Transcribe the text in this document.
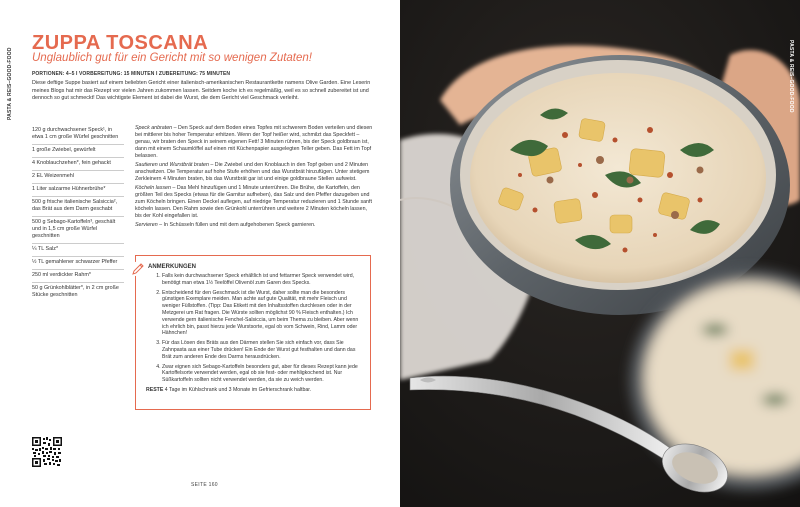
PASTA & REIS–GOOD-FOOD
ZUPPA TOSCANA
Unglaublich gut für ein Gericht mit so wenigen Zutaten!
PORTIONEN: 4–5 I VORBEREITUNG: 15 MINUTEN I ZUBEREITUNG: 75 MINUTEN
Diese deftige Suppe basiert auf einem beliebten Gericht einer italienisch-amerikanischen Restaurantkette namens Olive Garden. Eine Leserin meines Blogs hat mir das Rezept vor vielen Jahren zukommen lassen. Seitdem koche ich es regelmäßig, weil es so schnell zubereitet ist und dennoch so gut schmeckt! Das wichtigste Element ist dabei die Wurst, die dem Gericht viel Geschmack verleiht.
120 g durchwachsener Speck¹, in etwa 1 cm große Würfel geschnitten
1 große Zwiebel, gewürfelt
4 Knoblauchzehen*, fein gehackt
2 EL Weizenmehl
1 Liter salzarme Hühnerbrühe*
500 g frische italienische Salsiccia², das Brät aus dem Darm geschabt
500 g Sebago-Kartoffeln³, geschält und in 1,5 cm große Würfel geschnitten
¼ TL Salz*
½ TL gemahlener schwarzer Pfeffer
250 ml verdickter Rahm*
50 g Grünkohlblätter*, in 2 cm große Stücke geschnitten

Speck anbraten – Den Speck auf dem Boden eines Topfes mit schwerem Boden verteilen und diesen bei mittlerer bis hoher Temperatur erhitzen. Wenn der Topf heißer wird, schmilzt das Speckfett – genau, wir braten den Speck in seinem eigenen Fett! 3 Minuten rühren, bis der Speck goldbraun ist, dann mit einem Schaumlöffel auf einen mit Küchenpapier ausgelegten Teller geben. Das Fett im Topf belassen.

Sautieren und Wurstbrät braten – Die Zwiebel und den Knoblauch in den Topf geben und 2 Minuten anschwitzen. Die Temperatur auf hohe Stufe erhöhen und das Wurstbrät hinzufügen. Unter stetigem Zerkleinern 4 Minuten braten, bis das Wurstbrät gar ist und einige goldbraune Stellen aufweist.

Köcheln lassen – Das Mehl hinzufügen und 1 Minute unterrühren. Die Brühe, die Kartoffeln, den größten Teil des Specks (etwas für die Garnitur aufheben), das Salz und den Pfeffer dazugeben und zum Köcheln bringen. Einen Deckel auflegen, auf niedrige Temperatur reduzieren und 1 Stunde sanft köcheln lassen. Den Rahm sowie den Grünkohl unterrühren und weitere 2 Minuten köcheln lassen, bis der Kohl eingefallen ist.

Servieren – In Schüsseln füllen und mit dem aufgehobenen Speck garnieren.

ANMERKUNGEN
1. Falls kein durchwachsener Speck erhältlich ist und fettarmer Speck verwendet wird, benötigt man etwa 1½ Teelöffel Olivenöl zum Garen des Specks.
2. Entscheidend für den Geschmack ist die Wurst, daher sollte man die besonders günstigen Exemplare meiden. Man achte auf gute Qualität, mit mehr Fleisch und weniger Füllstoffen. (Tipp: Das Etikett mit den Inhaltsstoffen durchlesen oder in der Metzgerei um Rat fragen. Die Würste sollten möglichst 90 % Fleisch enthalten.) Ich verwende gern italienische Fenchel-Salsiccia, um beim Thema zu bleiben. Aber wenn ich ehrlich bin, passt hierzu jede Wurstsorte, egal ob vom Schwein, Rind, Lamm oder Hähnchen!
3. Für das Lösen des Bräts aus den Därmen stellen Sie sich einfach vor, dass Sie Zahnpasta aus einer Tube drücken! Ein Ende der Wurst gut festhalten und dann das Brät zum anderen Ende des Darms herausdrücken.
4. Zwar eignen sich Sebago-Kartoffeln besonders gut, aber für dieses Rezept kann jede Kartoffelsorte verwendet werden, egal ob sie fest- oder mehligkochend ist. Nur Süßkartoffeln sollten nicht verwendet werden, da sie zu weich werden.
RESTE 4 Tage im Kühlschrank und 3 Monate im Gefrierschrank haltbar.
SEITE 160
PASTA & REIS–GOOD-FOOD
